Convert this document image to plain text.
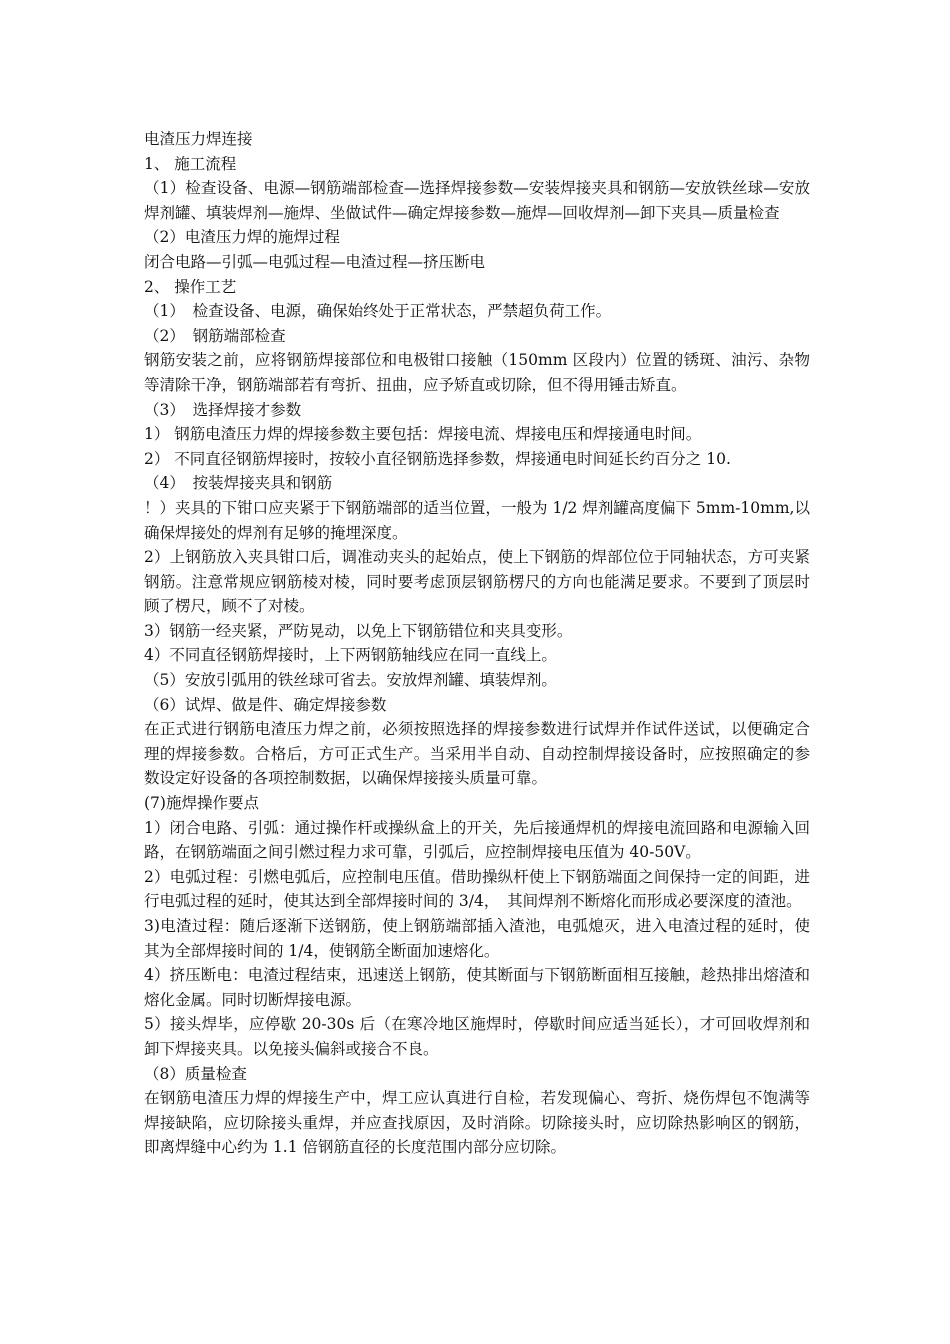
电渣压力焊连接
1、 施工流程
（1）检查设备、电源—钢筋端部检查—选择焊接参数—安装焊接夹具和钢筋—安放铁丝球—安放焊剂罐、填装焊剂—施焊、坐做试件—确定焊接参数—施焊—回收焊剂—卸下夹具—质量检查
（2）电渣压力焊的施焊过程
闭合电路—引弧—电弧过程—电渣过程—挤压断电
2、 操作工艺
（1）　检查设备、电源，确保始终处于正常状态，严禁超负荷工作。
（2）　钢筋端部检查
钢筋安装之前，应将钢筋焊接部位和电极钳口接触（150mm 区段内）位置的锈斑、油污、杂物等清除干净，钢筋端部若有弯折、扭曲，应予矫直或切除，但不得用锤击矫直。
（3）　选择焊接才参数
1） 钢筋电渣压力焊的焊接参数主要包括：焊接电流、焊接电压和焊接通电时间。
2） 不同直径钢筋焊接时，按较小直径钢筋选择参数，焊接通电时间延长约百分之 10.
（4）　按装焊接夹具和钢筋
！）夹具的下钳口应夹紧于下钢筋端部的适当位置，一般为 1/2 焊剂罐高度偏下 5mm-10mm,以确保焊接处的焊剂有足够的掩埋深度。
2）上钢筋放入夹具钳口后，调准动夹头的起始点，使上下钢筋的焊部位位于同轴状态，方可夹紧钢筋。注意常规应钢筋棱对棱，同时要考虑顶层钢筋楞尺的方向也能满足要求。不要到了顶层时顾了楞尺，顾不了对棱。
3）钢筋一经夹紧，严防晃动，以免上下钢筋错位和夹具变形。
4）不同直径钢筋焊接时，上下两钢筋轴线应在同一直线上。
（5）安放引弧用的铁丝球可省去。安放焊剂罐、填装焊剂。
（6）试焊、做是件、确定焊接参数
在正式进行钢筋电渣压力焊之前，必须按照选择的焊接参数进行试焊并作试件送试，以便确定合理的焊接参数。合格后，方可正式生产。当采用半自动、自动控制焊接设备时，应按照确定的参数设定好设备的各项控制数据，以确保焊接接头质量可靠。
(7)施焊操作要点
1）闭合电路、引弧：通过操作杆或操纵盒上的开关，先后接通焊机的焊接电流回路和电源输入回路，在钢筋端面之间引燃过程力求可靠，引弧后，应控制焊接电压值为 40-50V。
2）电弧过程：引燃电弧后，应控制电压值。借助操纵杆使上下钢筋端面之间保持一定的间距，进行电弧过程的延时，使其达到全部焊接时间的 3/4，　其间焊剂不断熔化而形成必要深度的渣池。
3)电渣过程：随后逐渐下送钢筋，使上钢筋端部插入渣池，电弧熄灭，进入电渣过程的延时，使其为全部焊接时间的 1/4，使钢筋全断面加速熔化。
4）挤压断电：电渣过程结束，迅速送上钢筋，使其断面与下钢筋断面相互接触，趁热排出熔渣和熔化金属。同时切断焊接电源。
5）接头焊毕，应停歇 20-30s 后（在寒冷地区施焊时，停歇时间应适当延长），才可回收焊剂和卸下焊接夹具。以免接头偏斜或接合不良。
（8）质量检查
在钢筋电渣压力焊的焊接生产中，焊工应认真进行自检，若发现偏心、弯折、烧伤焊包不饱满等焊接缺陷，应切除接头重焊，并应查找原因，及时消除。切除接头时，应切除热影响区的钢筋，即离焊缝中心约为 1.1 倍钢筋直径的长度范围内部分应切除。
